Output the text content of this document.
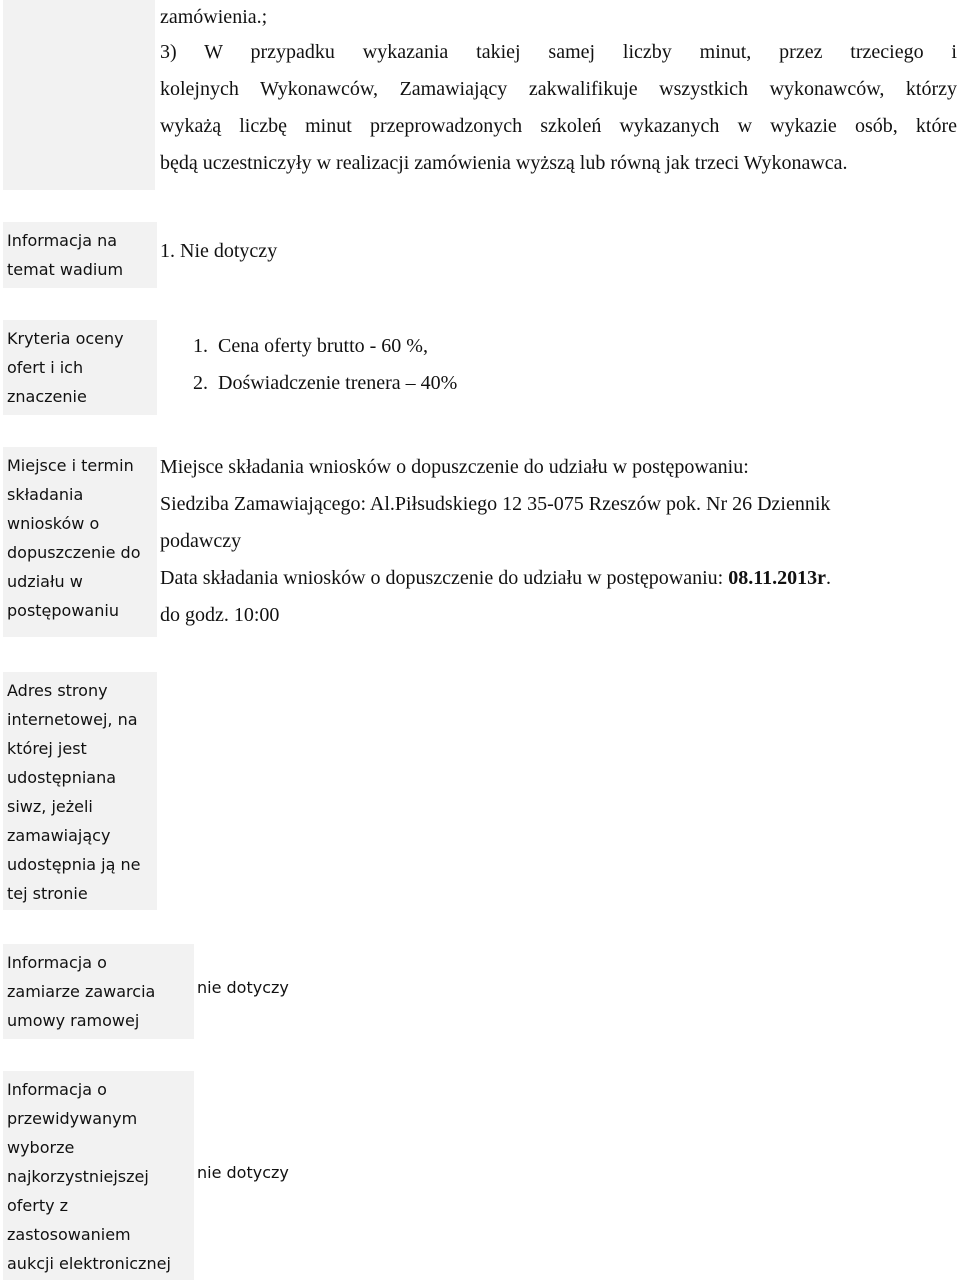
zamówienia.;
3) W przypadku wykazania takiej samej liczby minut, przez trzeciego i
kolejnych Wykonawców, Zamawiający zakwalifikuje wszystkich wykonawców, którzy
wykażą liczbę minut przeprowadzonych szkoleń wykazanych w wykazie osób, które
będą uczestniczyły w realizacji zamówienia wyższą lub równą jak trzeci Wykonawca.
Informacja na
temat wadium
1. Nie dotyczy
Kryteria oceny
ofert i ich
znaczenie
1.  Cena oferty brutto - 60 %,
2.  Doświadczenie trenera – 40%
Miejsce i termin
składania
wniosków o
dopuszczenie do
udziału w
postępowaniu
Miejsce składania wniosków o dopuszczenie do udziału w postępowaniu:
Siedziba Zamawiającego: Al.Piłsudskiego 12 35-075 Rzeszów pok. Nr 26 Dziennik
podawczy
Data składania wniosków o dopuszczenie do udziału w postępowaniu: 08.11.2013r.
do godz. 10:00
Adres strony
internetowej, na
której jest
udostępniana
siwz, jeżeli
zamawiający
udostępnia ją ne
tej stronie
Informacja o
zamiarze zawarcia
umowy ramowej
nie dotyczy
Informacja o
przewidywanym
wyborze
najkorzystniejszej
oferty z
zastosowaniem
aukcji elektronicznej
nie dotyczy
